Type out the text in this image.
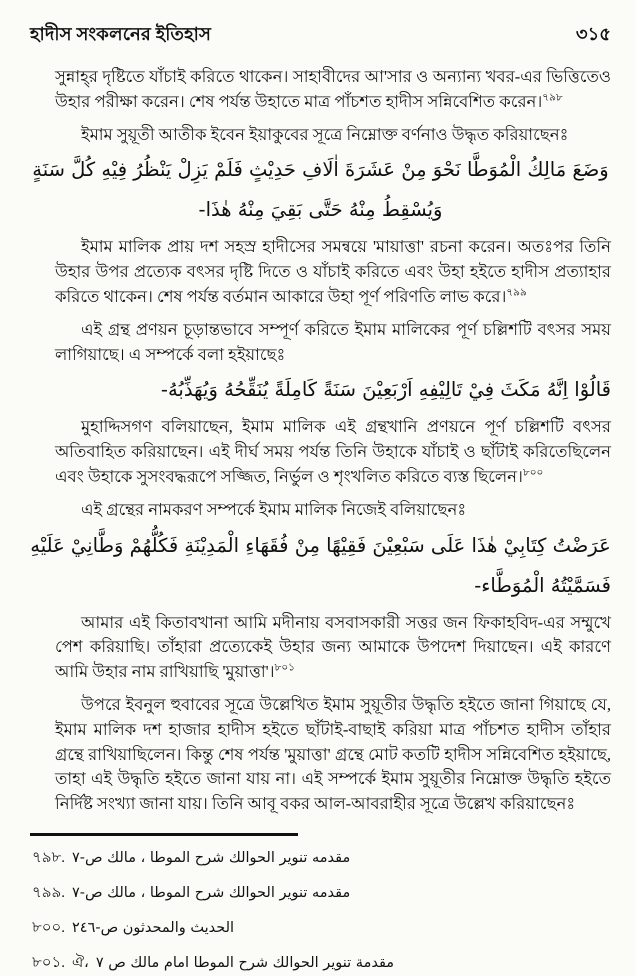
হাদীস সংকলনের ইতিহাস	৩১৫
সুন্নাহ্‌র দৃষ্টিতে যাঁচাই করিতে থাকেন। সাহাবীদের আ'সার ও অন্যান্য খবর-এর ভিত্তিতেও উহার পরীক্ষা করেন। শেষ পর্যন্ত উহাতে মাত্র পাঁচশত হাদীস সন্নিবেশিত করেন।$^{৭৯৮}$
ইমাম সুয়ূতী আতীক ইবেন ইয়াকুবের সূত্রে নিম্নোক্ত বর্ণনাও উদ্ধৃত করিয়াছেনঃ
وَضَعَ مَالِكُ الْمُوَطَّا نَحْوَ مِنْ عَشَرَةَ اٰلَافِ حَدِيْثٍ فَلَمْ يَزِلْ يَنْظُرُ فِيْهِ كُلَّ سَنَةٍ
وَيُسْقِطُ مِنْهُ حَتَّى بَقِيَ مِنْهُ هٰذَا-
ইমাম মালিক প্রায় দশ সহস্র হাদীসের সমন্বয়ে 'মায়াত্তা' রচনা করেন। অতঃপর তিনি উহার উপর প্রত্যেক বৎসর দৃষ্টি দিতে ও যাঁচাই করিতে এবং উহা হইতে হাদীস প্রত্যাহার করিতে থাকেন। শেষ পর্যন্ত বর্তমান আকারে উহা পূর্ণ পরিণতি লাভ করে।$^{৭৯৯}$
এই গ্রন্থ প্রণয়ন চূড়ান্তভাবে সম্পূর্ণ করিতে ইমাম মালিকের পূর্ণ চল্লিশটি বৎসর সময় লাগিয়াছে। এ সম্পর্কে বলা হইয়াছেঃ
قَالُوْا اِنَّهُ مَكَثَ فِيْ تَالِيْفِهِ اَرْبَعِيْنَ سَنَةً كَامِلَةً يُنَقِّحُهُ وَيُهَذِّبُهُ-
মুহাদ্দিসগণ বলিয়াছেন, ইমাম মালিক এই গ্রন্থখানি প্রণয়নে পূর্ণ চল্লিশটি বৎসর অতিবাহিত করিয়াছেন। এই দীর্ঘ সময় পর্যন্ত তিনি উহাকে যাঁচাই ও ছাঁটাই করিতেছিলেন এবং উহাকে সুসংবদ্ধরূপে সজ্জিত, নির্ভুল ও শৃংখলিত করিতে ব্যস্ত ছিলেন।$^{৮০০}$
এই গ্রন্থের নামকরণ সম্পর্কে ইমাম মালিক নিজেই বলিয়াছেনঃ
عَرَضْتُ كِتَابِيْ هٰذَا عَلَى سَبْعِيْنَ فَقِيْهًا مِنْ فُقَهَاءِ الْمَدِيْنَةِ فَكُلُّهُمْ وَطَّانِيْ عَلَيْهِ
فَسَمَّيْتُهُ الْمُوَطَّاء-
আমার এই কিতাবখানা আমি মদীনায় বসবাসকারী সত্তর জন ফিকাহবিদ-এর সম্মুখে পেশ করিয়াছি। তাঁহারা প্রত্যেকেই উহার জন্য আমাকে উপদেশ দিয়াছেন। এই কারণে আমি উহার নাম রাখিয়াছি 'মুয়াত্তা'।$^{৮০১}$
উপরে ইবনুল হুবাবের সূত্রে উল্লেখিত ইমাম সুয়ূতীর উদ্ধৃতি হইতে জানা গিয়াছে যে, ইমাম মালিক দশ হাজার হাদীস হইতে ছাঁটাই-বাছাই করিয়া মাত্র পাঁচশত হাদীস তাঁহার গ্রন্থে রাখিয়াছিলেন। কিন্তু শেষ পর্যন্ত 'মুয়াত্তা' গ্রন্থে মোট কতটি হাদীস সন্নিবেশিত হইয়াছে, তাহা এই উদ্ধৃতি হইতে জানা যায় না। এই সম্পর্কে ইমাম সুয়ূতীর নিম্নোক্ত উদ্ধৃতি হইতে নির্দিষ্ট সংখ্যা জানা যায়। তিনি আবূ বকর আল-আবরাহীর সূত্রে উল্লেখ করিয়াছেনঃ
৭৯৮. مقدمه تنوير الحوالك شرح الموطا ، مالك ص-٧
৭৯৯. مقدمه تنوير الحوالك شرح الموطا ، مالك ص-٧
৮০০. الحديث والمحدثون ص-٢٤٦
৮০১. ঐ، مقدمة تنوير الحوالك شرح الموطا امام مالك ص ٧
